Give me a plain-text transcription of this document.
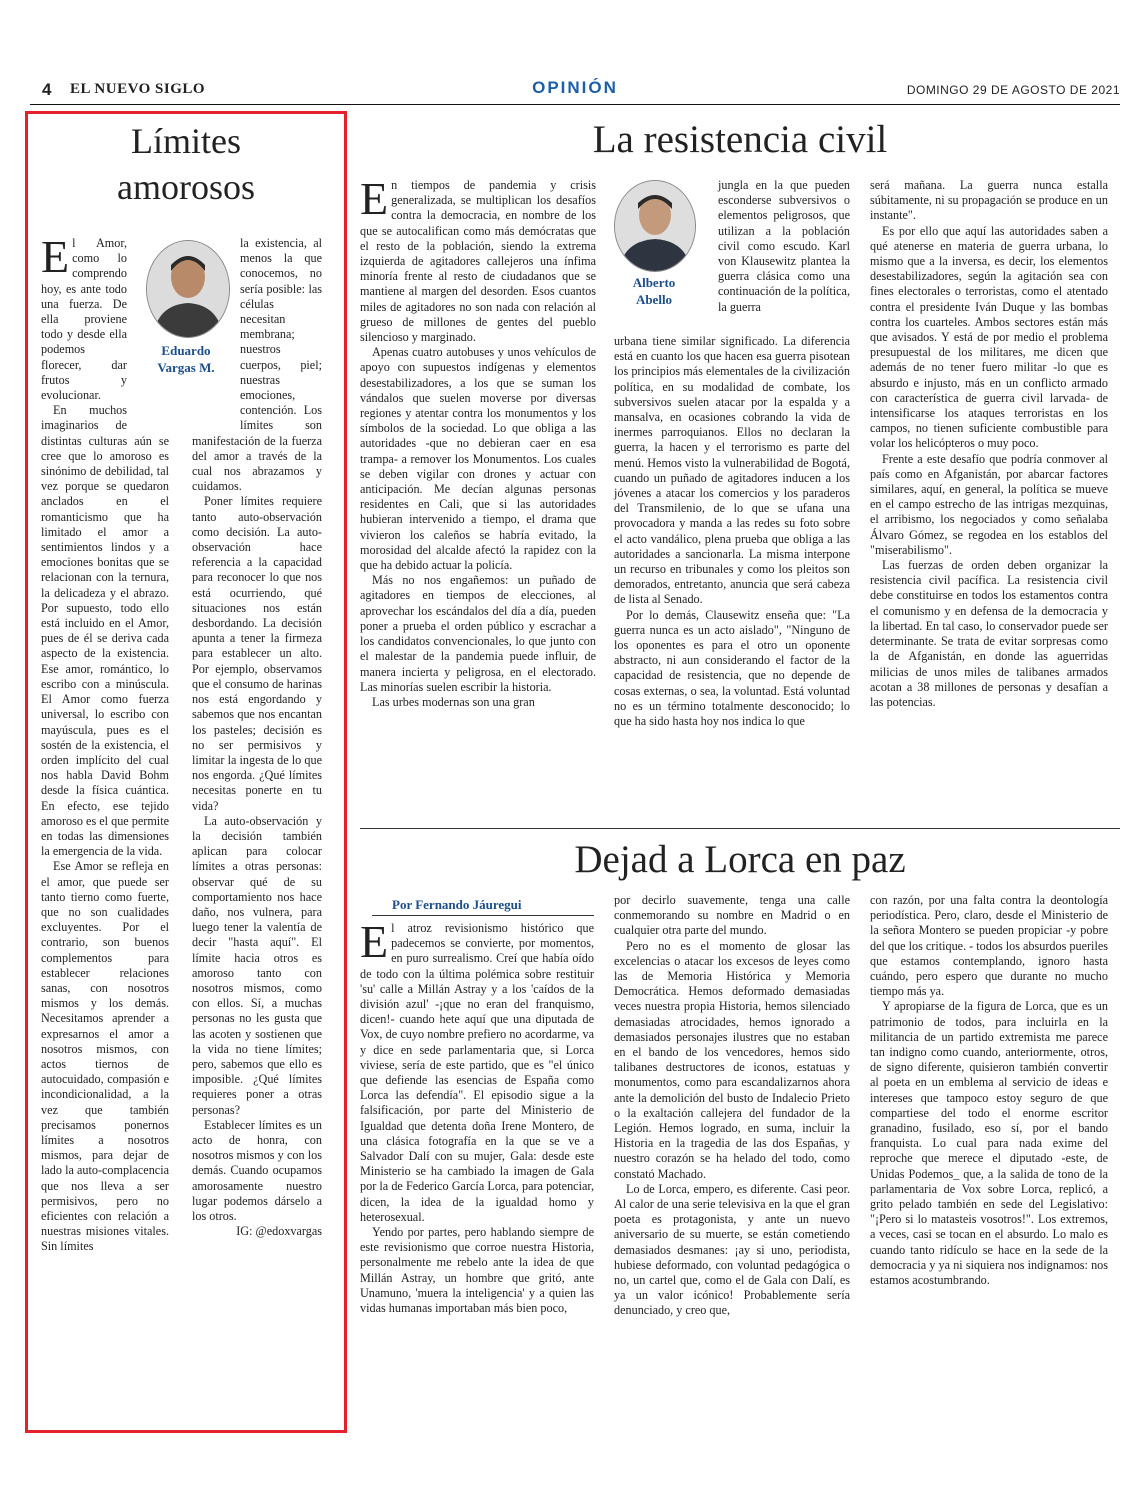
4 EL NUEVO SIGLO	OPINIÓN	DOMINGO 29 DE AGOSTO DE 2021
Límites
amorosos
Eduardo
Vargas M.

El Amor, como lo comprendo hoy, es ante todo una fuerza. De ella proviene todo y desde ella podemos florecer, dar frutos y evolucionar.

En muchos imaginarios de distintas culturas aún se cree que lo amoroso es sinónimo de debilidad, tal vez porque se quedaron anclados en el romanticismo que ha limitado el amor a sentimientos lindos y a emociones bonitas que se relacionan con la ternura, la delicadeza y el abrazo. Por supuesto, todo ello está incluido en el Amor, pues de él se deriva cada aspecto de la existencia. Ese amor, romántico, lo escribo con a minúscula. El Amor como fuerza universal, lo escribo con mayúscula, pues es el sostén de la existencia, el orden implícito del cual nos habla David Bohm desde la física cuántica. En efecto, ese tejido amoroso es el que permite en todas las dimensiones la emergencia de la vida.

Ese Amor se refleja en el amor, que puede ser tanto tierno como fuerte, que no son cualidades excluyentes. Por el contrario, son buenos complementos para establecer relaciones sanas, con nosotros mismos y los demás. Necesitamos aprender a expresarnos el amor a nosotros mismos, con actos tiernos de autocuidado, compasión e incondicionalidad, a la vez que también precisamos ponernos límites a nosotros mismos, para dejar de lado la auto-complacencia que nos lleva a ser permisivos, pero no eficientes con relación a nuestras misiones vitales. Sin límites

la existencia, al menos la que conocemos, no sería posible: las células necesitan membrana; nuestros cuerpos, piel; nuestras emociones, contención. Los límites son manifestación de la fuerza del amor a través de la cual nos abrazamos y cuidamos.

Poner límites requiere tanto auto-observación como decisión. La auto-observación hace referencia a la capacidad para reconocer lo que nos está ocurriendo, qué situaciones nos están desbordando. La decisión apunta a tener la firmeza para establecer un alto. Por ejemplo, observamos que el consumo de harinas nos está engordando y sabemos que nos encantan los pasteles; decisión es no ser permisivos y limitar la ingesta de lo que nos engorda. ¿Qué límites necesitas ponerte en tu vida?

La auto-observación y la decisión también aplican para colocar límites a otras personas: observar qué de su comportamiento nos hace daño, nos vulnera, para luego tener la valentía de decir "hasta aquí". El límite hacia otros es amoroso tanto con nosotros mismos, como con ellos. Sí, a muchas personas no les gusta que las acoten y sostienen que la vida no tiene límites; pero, sabemos que ello es imposible. ¿Qué límites requieres poner a otras personas?

Establecer límites es un acto de honra, con nosotros mismos y con los demás. Cuando ocupamos amorosamente nuestro lugar podemos dárselo a los otros.

IG: @edoxvargas

La resistencia civil
Alberto
Abello

En tiempos de pandemia y crisis generalizada, se multiplican los desafíos contra la democracia, en nombre de los que se autocalifican como más demócratas que el resto de la población, siendo la extrema izquierda de agitadores callejeros una ínfima minoría frente al resto de ciudadanos que se mantiene al margen del desorden. Esos cuantos miles de agitadores no son nada con relación al grueso de millones de gentes del pueblo silencioso y marginado.

Apenas cuatro autobuses y unos vehículos de apoyo con supuestos indígenas y elementos desestabilizadores, a los que se suman los vándalos que suelen moverse por diversas regiones y atentar contra los monumentos y los símbolos de la sociedad. Lo que obliga a las autoridades -que no debieran caer en esa trampa- a remover los Monumentos. Los cuales se deben vigilar con drones y actuar con anticipación. Me decían algunas personas residentes en Cali, que si las autoridades hubieran intervenido a tiempo, el drama que vivieron los caleños se habría evitado, la morosidad del alcalde afectó la rapidez con la que ha debido actuar la policía.

Más no nos engañemos: un puñado de agitadores en tiempos de elecciones, al aprovechar los escándalos del día a día, pueden poner a prueba el orden público y escrachar a los candidatos convencionales, lo que junto con el malestar de la pandemia puede influir, de manera incierta y peligrosa, en el electorado. Las minorías suelen escribir la historia.

Las urbes modernas son una gran

jungla en la que pueden esconderse subversivos o elementos peligrosos, que utilizan a la población civil como escudo. Karl von Klausewitz plantea la guerra clásica como una continuación de la política, la guerra

urbana tiene similar significado. La diferencia está en cuanto los que hacen esa guerra pisotean los principios más elementales de la civilización política, en su modalidad de combate, los subversivos suelen atacar por la espalda y a mansalva, en ocasiones cobrando la vida de inermes parroquianos. Ellos no declaran la guerra, la hacen y el terrorismo es parte del menú. Hemos visto la vulnerabilidad de Bogotá, cuando un puñado de agitadores inducen a los jóvenes a atacar los comercios y los paraderos del Transmilenio, de lo que se ufana una provocadora y manda a las redes su foto sobre el acto vandálico, plena prueba que obliga a las autoridades a sancionarla. La misma interpone un recurso en tribunales y como los pleitos son demorados, entretanto, anuncia que será cabeza de lista al Senado.

Por lo demás, Clausewitz enseña que: "La guerra nunca es un acto aislado", "Ninguno de los oponentes es para el otro un oponente abstracto, ni aun considerando el factor de la capacidad de resistencia, que no depende de cosas externas, o sea, la voluntad. Está voluntad no es un término totalmente desconocido; lo que ha sido hasta hoy nos indica lo que

será mañana. La guerra nunca estalla súbitamente, ni su propagación se produce en un instante".

Es por ello que aquí las autoridades saben a qué atenerse en materia de guerra urbana, lo mismo que a la inversa, es decir, los elementos desestabilizadores, según la agitación sea con fines electorales o terroristas, como el atentado contra el presidente Iván Duque y las bombas contra los cuarteles. Ambos sectores están más que avisados. Y está de por medio el problema presupuestal de los militares, me dicen que además de no tener fuero militar -lo que es absurdo e injusto, más en un conflicto armado con característica de guerra civil larvada- de intensificarse los ataques terroristas en los campos, no tienen suficiente combustible para volar los helicópteros o muy poco.

Frente a este desafío que podría conmover al país como en Afganistán, por abarcar factores similares, aquí, en general, la política se mueve en el campo estrecho de las intrigas mezquinas, el arribismo, los negociados y como señalaba Álvaro Gómez, se regodea en los establos del "miserabilismo".

Las fuerzas de orden deben organizar la resistencia civil pacífica. La resistencia civil debe constituirse en todos los estamentos contra el comunismo y en defensa de la democracia y la libertad. En tal caso, lo conservador puede ser determinante. Se trata de evitar sorpresas como la de Afganistán, en donde las aguerridas milicias de unos miles de talibanes armados acotan a 38 millones de personas y desafían a las potencias.

Dejad a Lorca en paz
Por Fernando Jáuregui

El atroz revisionismo histórico que padecemos se convierte, por momentos, en puro surrealismo. Creí que había oído de todo con la última polémica sobre restituir 'su' calle a Millán Astray y a los 'caídos de la división azul' -¡que no eran del franquismo, dicen!- cuando hete aquí que una diputada de Vox, de cuyo nombre prefiero no acordarme, va y dice en sede parlamentaria que, si Lorca viviese, sería de este partido, que es "el único que defiende las esencias de España como Lorca las defendía". El episodio sigue a la falsificación, por parte del Ministerio de Igualdad que detenta doña Irene Montero, de una clásica fotografía en la que se ve a Salvador Dalí con su mujer, Gala: desde este Ministerio se ha cambiado la imagen de Gala por la de Federico García Lorca, para potenciar, dicen, la idea de la igualdad homo y heterosexual.

Yendo por partes, pero hablando siempre de este revisionismo que corroe nuestra Historia, personalmente me rebelo ante la idea de que Millán Astray, un hombre que gritó, ante Unamuno, 'muera la inteligencia' y a quien las vidas humanas importaban más bien poco,

por decirlo suavemente, tenga una calle conmemorando su nombre en Madrid o en cualquier otra parte del mundo.

Pero no es el momento de glosar las excelencias o atacar los excesos de leyes como las de Memoria Histórica y Memoria Democrática. Hemos deformado demasiadas veces nuestra propia Historia, hemos silenciado demasiadas atrocidades, hemos ignorado a demasiados personajes ilustres que no estaban en el bando de los vencedores, hemos sido talibanes destructores de iconos, estatuas y monumentos, como para escandalizarnos ahora ante la demolición del busto de Indalecio Prieto o la exaltación callejera del fundador de la Legión. Hemos logrado, en suma, incluir la Historia en la tragedia de las dos Españas, y nuestro corazón se ha helado del todo, como constató Machado.

Lo de Lorca, empero, es diferente. Casi peor. Al calor de una serie televisiva en la que el gran poeta es protagonista, y ante un nuevo aniversario de su muerte, se están cometiendo demasiados desmanes: ¡ay si uno, periodista, hubiese deformado, con voluntad pedagógica o no, un cartel que, como el de Gala con Dalí, es ya un valor icónico! Probablemente sería denunciado, y creo que,

con razón, por una falta contra la deontología periodística. Pero, claro, desde el Ministerio de la señora Montero se pueden propiciar -y pobre del que los critique. - todos los absurdos pueriles que estamos contemplando, ignoro hasta cuándo, pero espero que durante no mucho tiempo más ya.

Y apropiarse de la figura de Lorca, que es un patrimonio de todos, para incluirla en la militancia de un partido extremista me parece tan indigno como cuando, anteriormente, otros, de signo diferente, quisieron también convertir al poeta en un emblema al servicio de ideas e intereses que tampoco estoy seguro de que compartiese del todo el enorme escritor granadino, fusilado, eso sí, por el bando franquista. Lo cual para nada exime del reproche que merece el diputado -este, de Unidas Podemos_ que, a la salida de tono de la parlamentaria de Vox sobre Lorca, replicó, a grito pelado también en sede del Legislativo: "¡Pero si lo matasteis vosotros!". Los extremos, a veces, casi se tocan en el absurdo. Lo malo es cuando tanto ridículo se hace en la sede de la democracia y ya ni siquiera nos indignamos: nos estamos acostumbrando.
